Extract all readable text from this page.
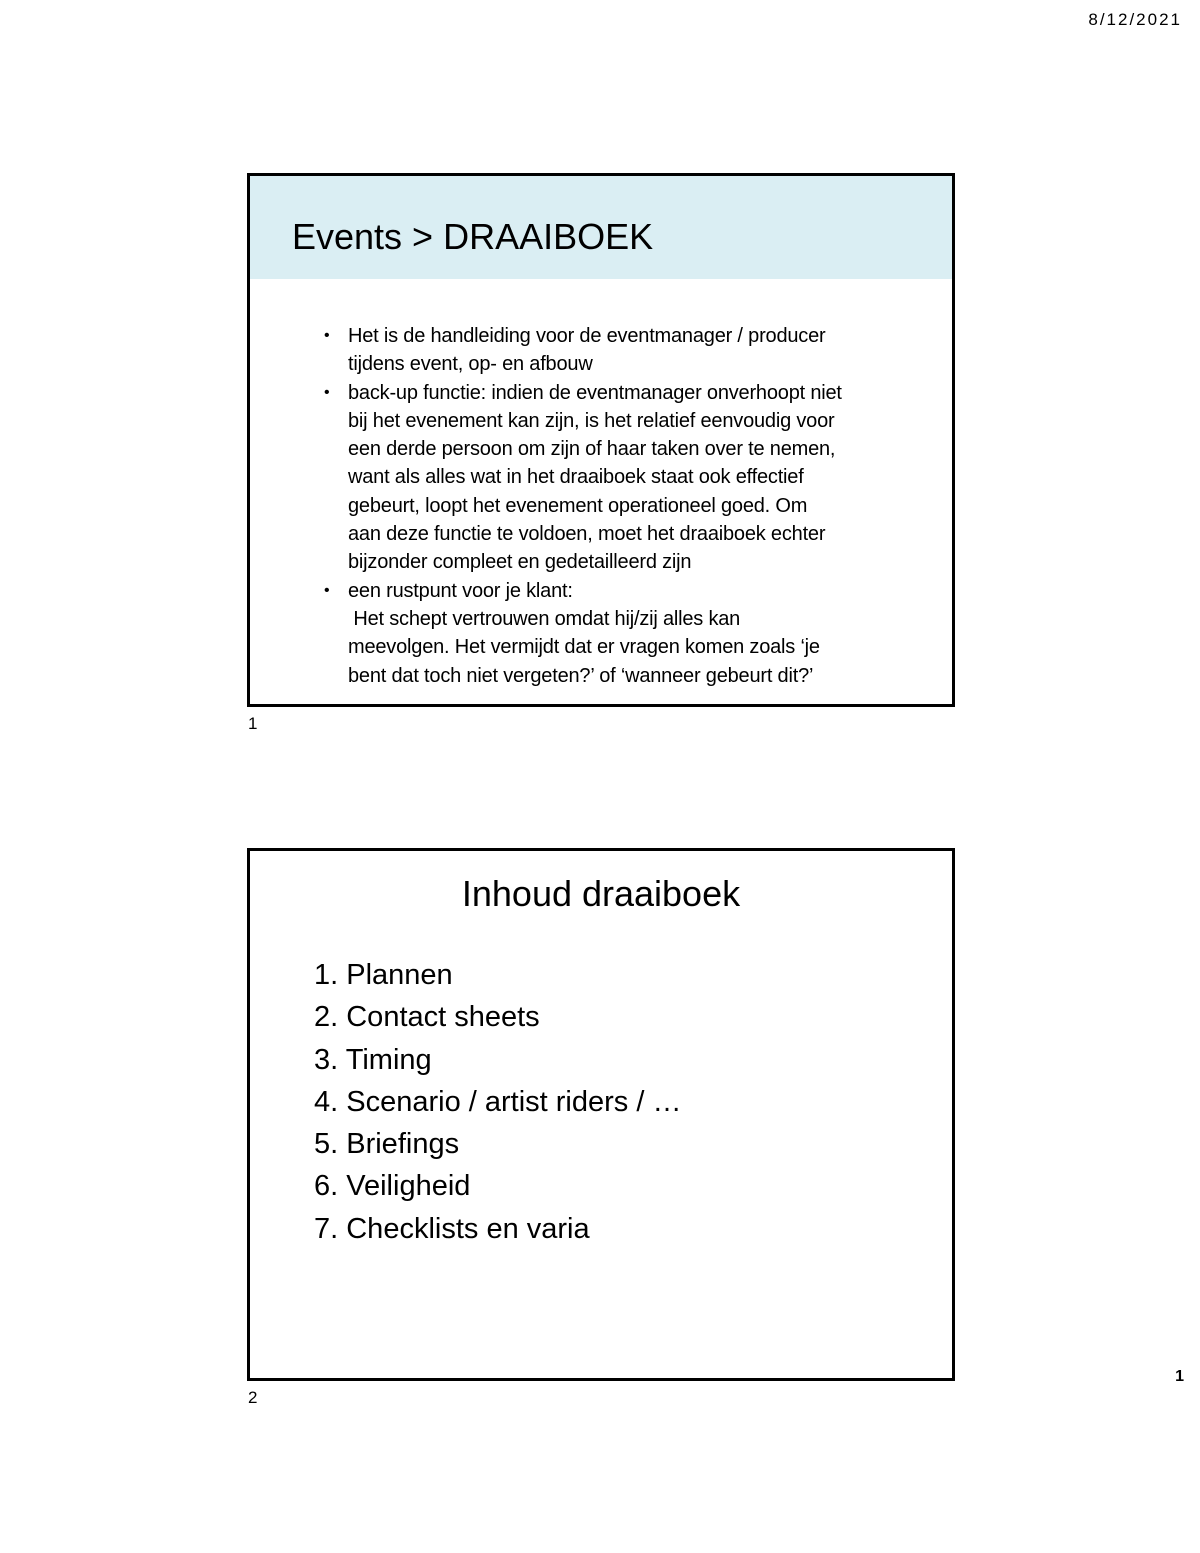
8/12/2021
Events > DRAAIBOEK
• Het is de handleiding voor de eventmanager / producer
tijdens event, op- en afbouw
• back-up functie: indien de eventmanager onverhoopt niet
bij het evenement kan zijn, is het relatief eenvoudig voor
een derde persoon om zijn of haar taken over te nemen,
want als alles wat in het draaiboek staat ook effectief
gebeurt, loopt het evenement operationeel goed. Om
aan deze functie te voldoen, moet het draaiboek echter
bijzonder compleet en gedetailleerd zijn
• een rustpunt voor je klant:
Het schept vertrouwen omdat hij/zij alles kan
meevolgen. Het vermijdt dat er vragen komen zoals ‘je
bent dat toch niet vergeten?’ of ‘wanneer gebeurt dit?’
1
Inhoud draaiboek
1. Plannen
2. Contact sheets
3. Timing
4. Scenario / artist riders / …
5. Briefings
6. Veiligheid
7. Checklists en varia
2
1
